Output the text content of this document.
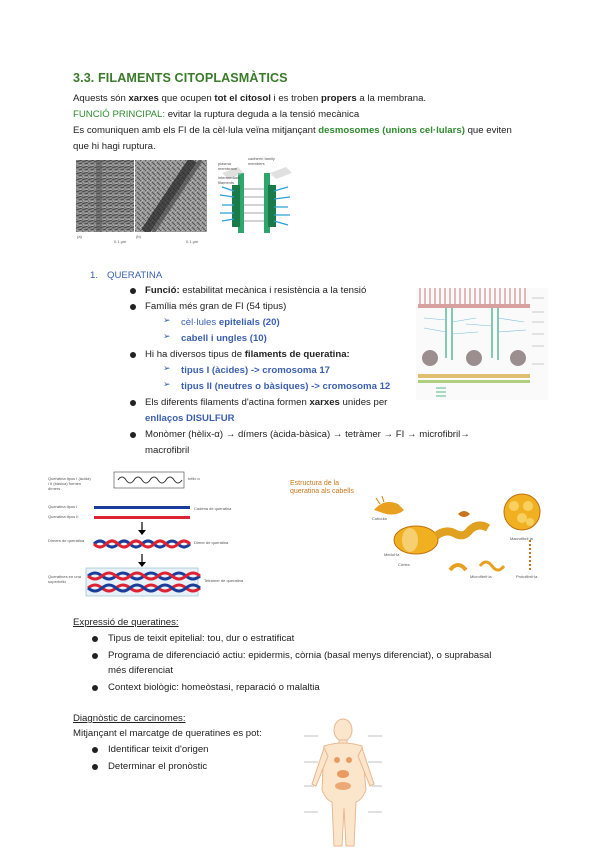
3.3. FILAMENTS CITOPLASMÀTICS
Aquests són xarxes que ocupen tot el citosol i es troben propers a la membrana.
FUNCIÓ PRINCIPAL: evitar la ruptura deguda a la tensió mecànica
Es comuniquen amb els FI de la cèl·lula veïna mitjançant desmosomes (unions cel·lulars) que eviten
que hi hagi ruptura.
(a)	(b)
0.1 µm	0.1 µm
cadherin family members
intermediate filaments
plasma membrane
1. QUERATINA
Funció: estabilitat mecànica i resistència a la tensió
Família més gran de FI (54 tipus)
➢ cèl·lules epitelials (20)
➢ cabell i ungles (10)
Hi ha diversos tipus de filaments de queratina:
➢ tipus I (àcides) -> cromosoma 17
➢ tipus II (neutres o bàsiques) -> cromosoma 12
Els diferents filaments d'actina formen xarxes unides per
enllaços DISULFUR
Monòmer (hèlix-α) → dímers (àcida-bàsica) → tetràmer → FI → microfibril→
macrofibril
Queratina tipus I (àcida) i II (bàsica) formen dímers
Queratina tipus I
Queratina tipus II
Dímers de queratina
Queratines en una superhèlix
hèlix α
Cadena de queratina
Dímer de queratina
Tetràmer de queratina
Estructura de la queratina als cabells
Cutícula
Còrtex
Medul·la
Macrofibril·la
Microfibril·la	Protofibril·la
Expressió de queratines:
Tipus de teixit epitelial: tou, dur o estratificat
Programa de diferenciació actiu: epidermis, còrnia (basal menys diferenciat), o suprabasal
més diferenciat
Context biològic: homeòstasi, reparació o malaltia
Diagnòstic de carcinomes:
Mitjançant el marcatge de queratines es pot:
Identificar teixit d'origen
Determinar el pronòstic
